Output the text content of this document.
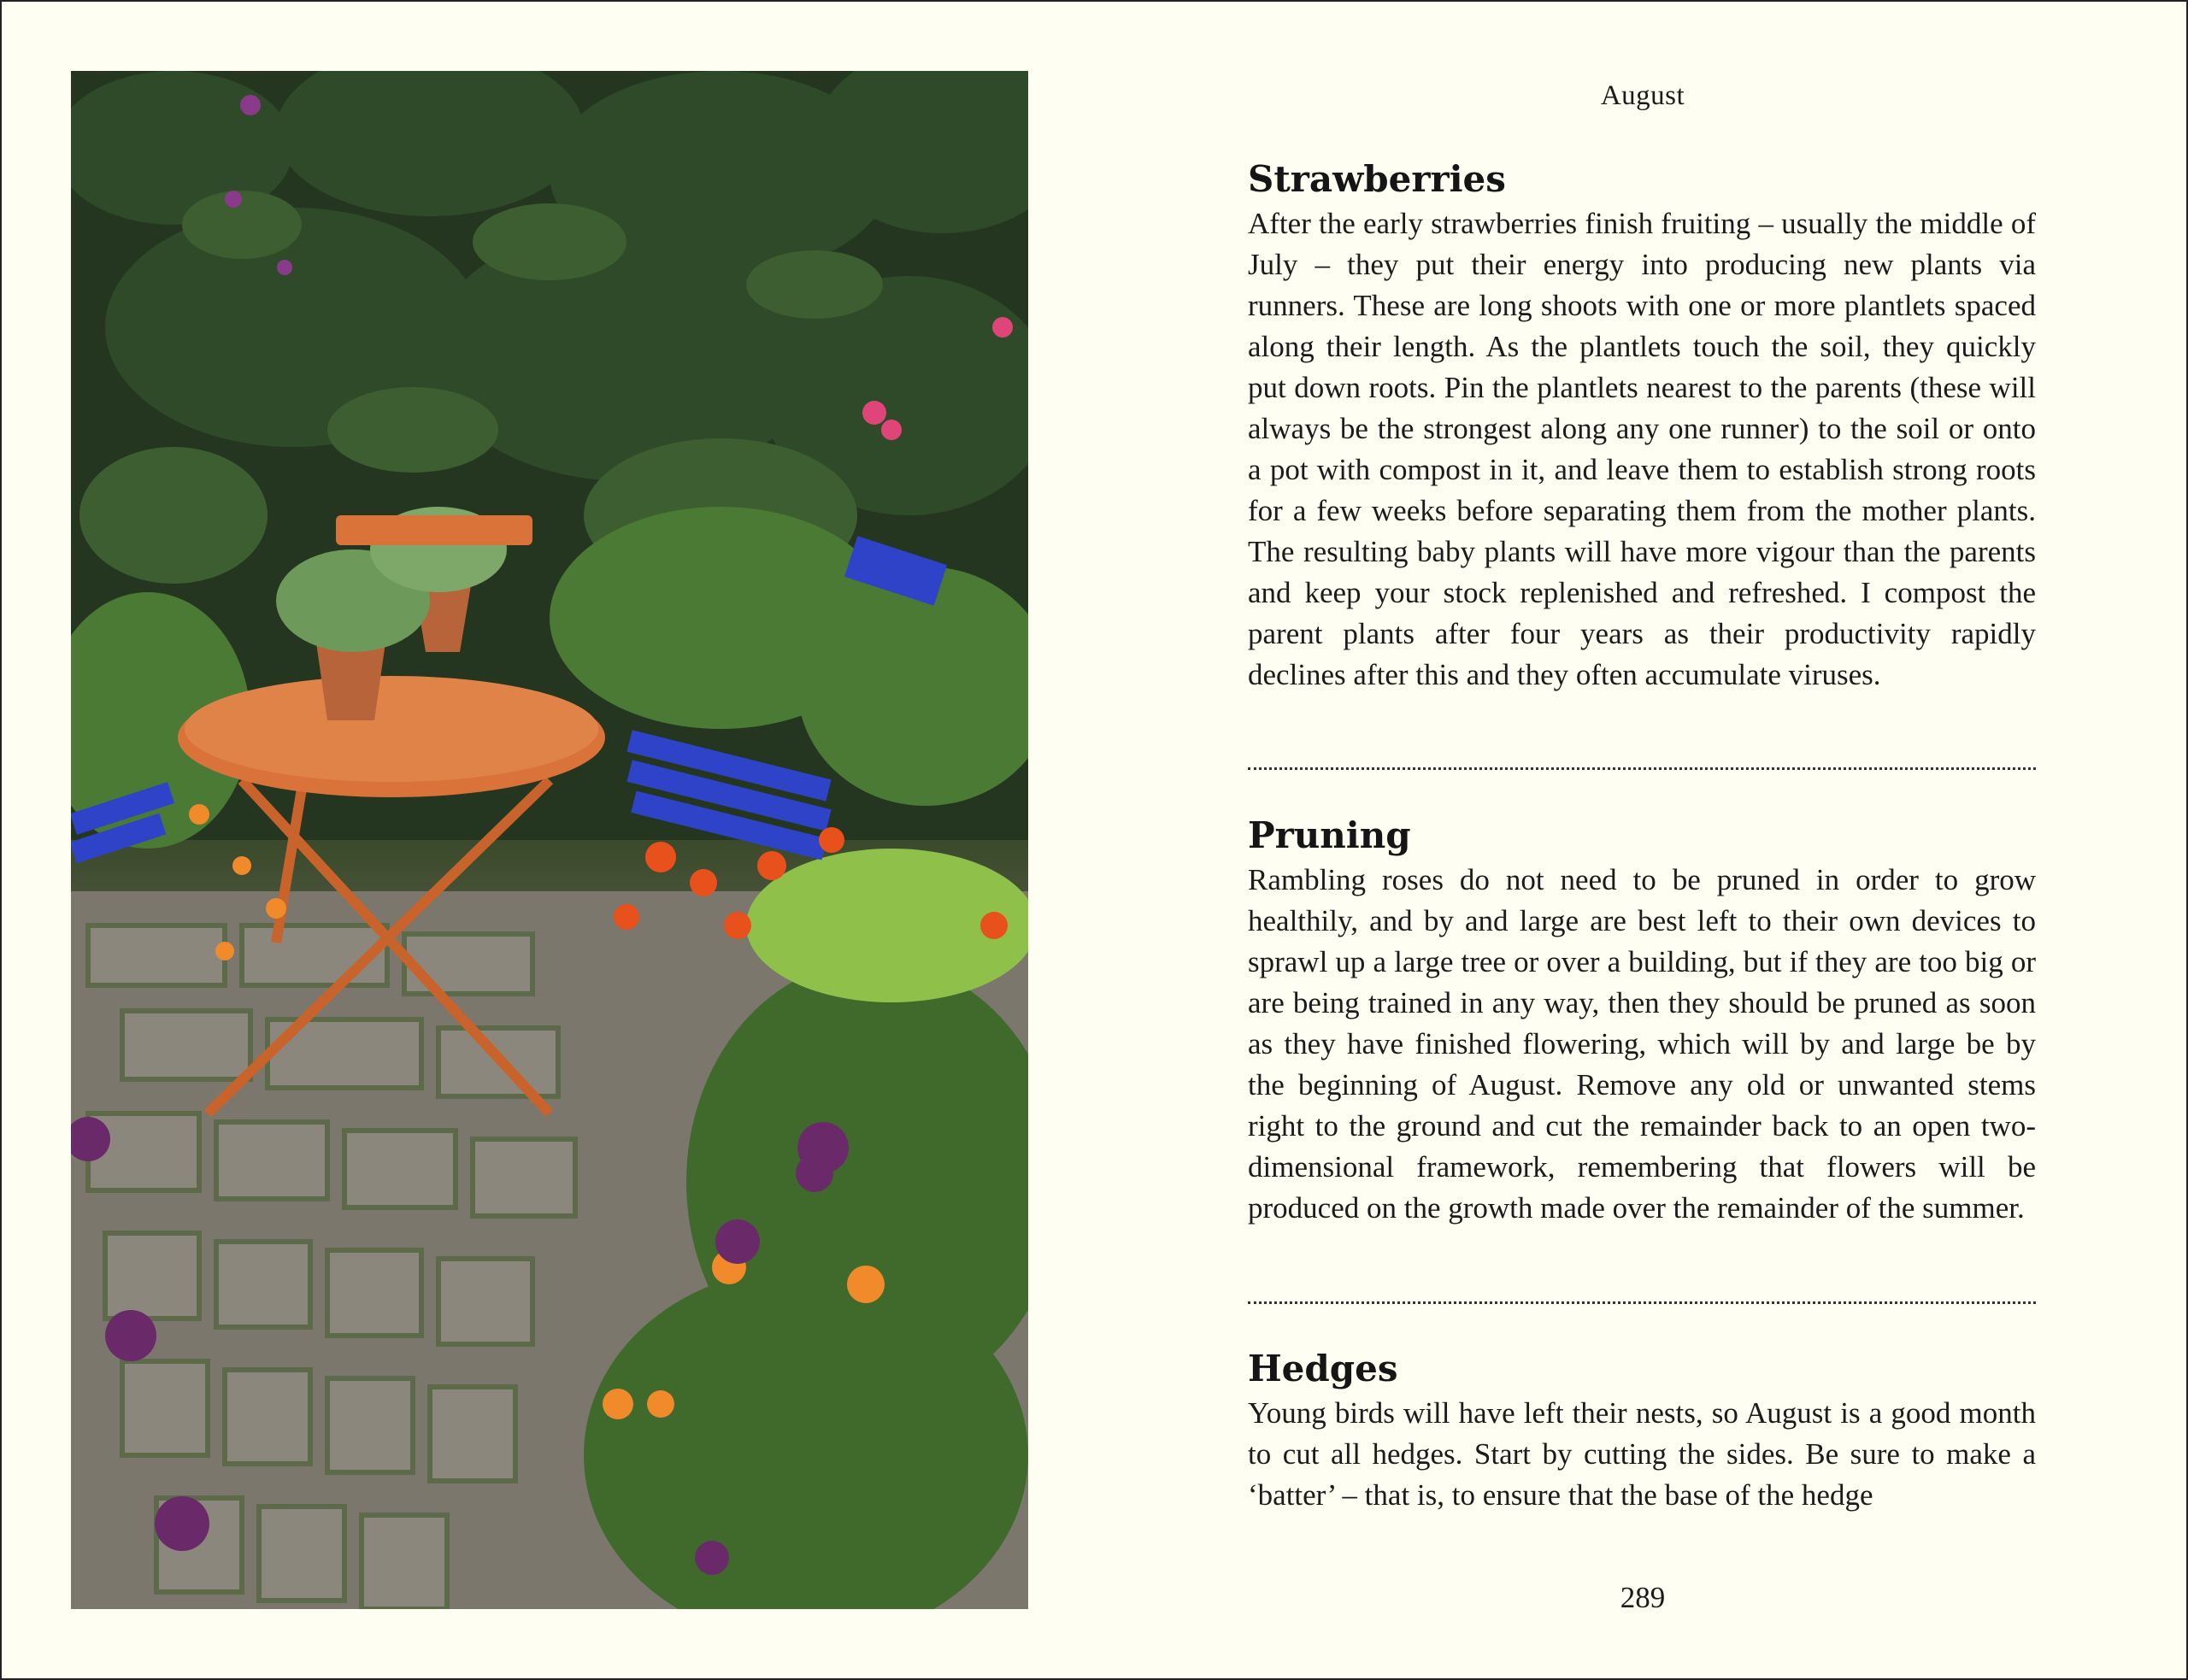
August
Strawberries

After the early strawberries finish fruiting – usually the middle of July – they put their energy into producing new plants via runners. These are long shoots with one or more plantlets spaced along their length. As the plantlets touch the soil, they quickly put down roots. Pin the plantlets nearest to the parents (these will always be the strongest along any one runner) to the soil or onto a pot with compost in it, and leave them to establish strong roots for a few weeks before separating them from the mother plants. The resulting baby plants will have more vigour than the parents and keep your stock replenished and refreshed. I compost the parent plants after four years as their productivity rapidly declines after this and they often accumulate viruses.

Pruning

Rambling roses do not need to be pruned in order to grow healthily, and by and large are best left to their own devices to sprawl up a large tree or over a building, but if they are too big or are being trained in any way, then they should be pruned as soon as they have finished flowering, which will by and large be by the beginning of August. Remove any old or unwanted stems right to the ground and cut the remainder back to an open two-dimensional framework, remembering that flowers will be produced on the growth made over the remainder of the summer.

Hedges

Young birds will have left their nests, so August is a good month to cut all hedges. Start by cutting the sides. Be sure to make a ‘batter’ – that is, to ensure that the base of the hedge

289
